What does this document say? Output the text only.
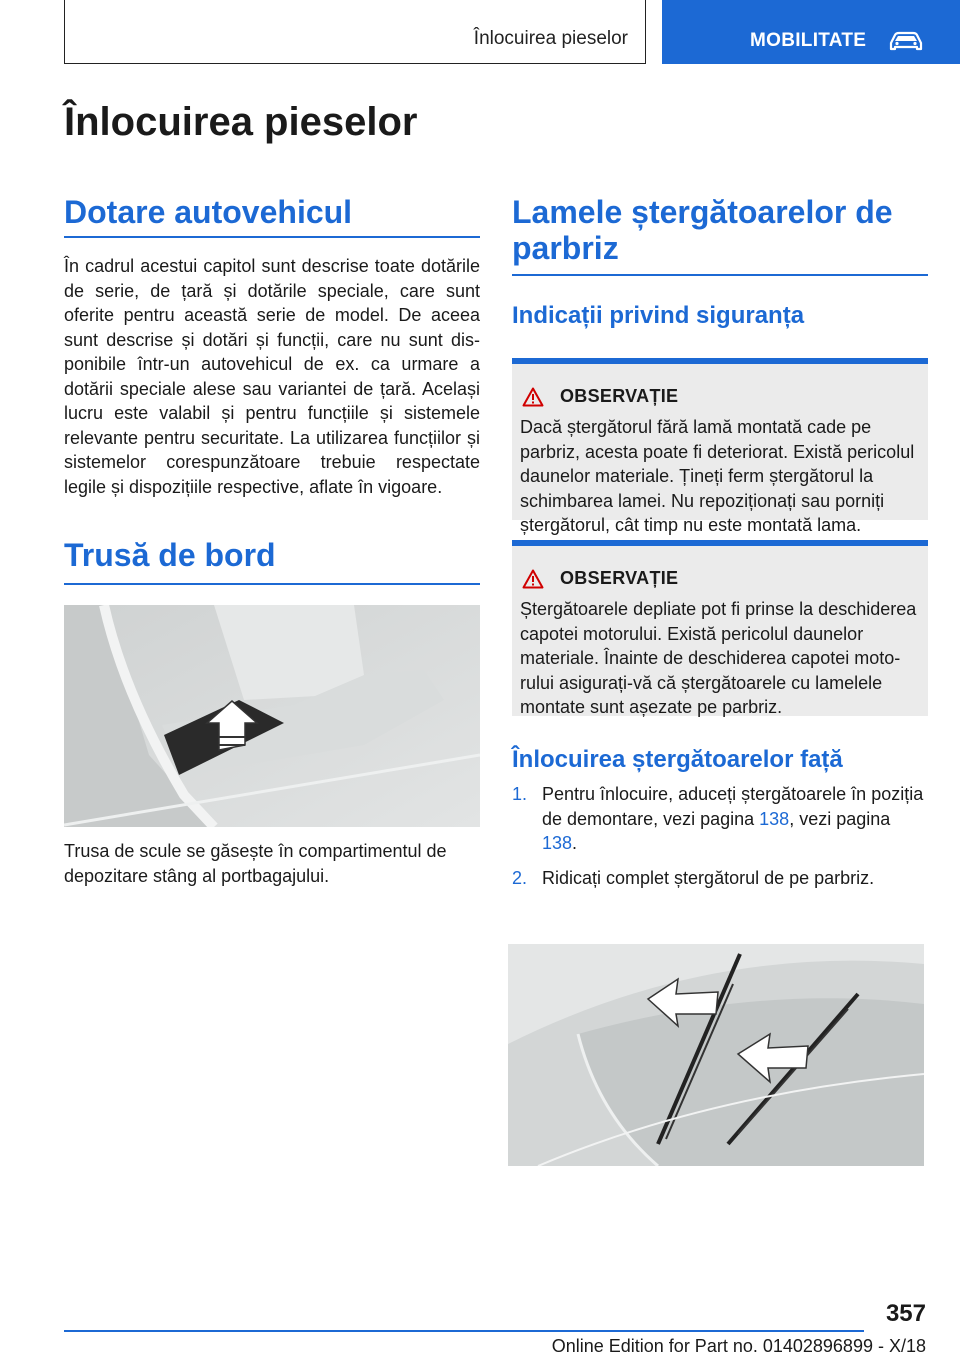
Înlocuirea pieselor	MOBILITATE
Înlocuirea pieselor
Dotare autovehicul

În cadrul acestui capitol sunt descrise toate dotările de serie, de țară și dotările speciale, care sunt oferite pentru această serie de model. De aceea sunt descrise și dotări și funcții, care nu sunt disponibile într-un autovehicul de ex. ca urmare a dotării speciale alese sau variantei de țară. Același lucru este valabil și pentru funcțiile și sistemele relevante pentru securitate. La utilizarea funcțiilor și sistemelor corespunzătoare trebuie respectate legile și dispozițiile respective, aflate în vigoare.

Trusă de bord

Trusa de scule se găsește în compartimentul de depozitare stâng al portbagajului.

Lamele ștergătoarelor de parbriz
Indicații privind siguranța
OBSERVAȚIE

Dacă ștergătorul fără lamă montată cade pe parbriz, acesta poate fi deteriorat. Există pericolul daunelor materiale. Țineți ferm ștergătorul la schimbarea lamei. Nu repoziționați sau porniți ștergătorul, cât timp nu este montată lama.

OBSERVAȚIE

Ștergătoarele depliate pot fi prinse la deschiderea capotei motorului. Există pericolul daunelor materiale. Înainte de deschiderea capotei motorului asigurați-vă că ștergătoarele cu lamelele montate sunt așezate pe parbriz.

Înlocuirea ștergătoarelor față
1. Pentru înlocuire, aduceți ștergătoarele în poziția de demontare, vezi pagina 138, vezi pagina 138.
2. Ridicați complet ștergătorul de pe parbriz.
357
Online Edition for Part no. 01402896899 - X/18
